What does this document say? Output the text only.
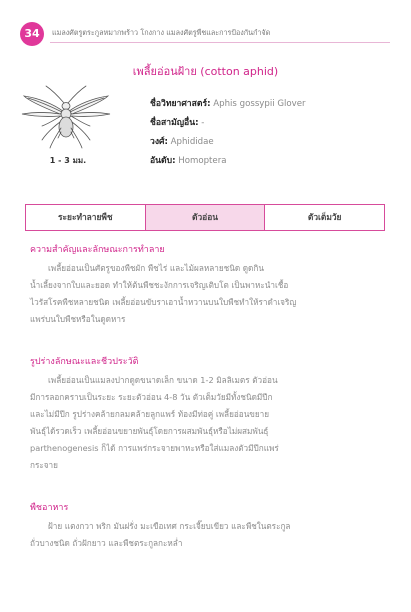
34	แมลงศัตรูตระกูลหมากพร้าว โกงกาง แมลงศัตรูพืชและการป้องกันกำจัด
เพลี้ยอ่อนฝ้าย (cotton aphid)
1 - 3 มม.
ชื่อวิทยาศาสตร์: Aphis gossypii Glover
ชื่อสามัญอื่น: -
วงศ์: Aphididae
อันดับ: Homoptera
ระยะทำลายพืช	ตัวอ่อน	ตัวเต็มวัย
ความสำคัญและลักษณะการทำลาย

เพลี้ยอ่อนเป็นศัตรูของพืชผัก พืชไร่ และไม้ผลหลายชนิด ดูดกิน

น้ำเลี้ยงจากใบและยอด ทำให้ต้นพืชชะงักการเจริญเติบโต เป็นพาหะนำเชื้อ

ไวรัสโรคพืชหลายชนิด เพลี้ยอ่อนขับราเอาน้ำหวานบนใบพืชทำให้ราดำเจริญ

แพร่บนใบพืชหรือในดูดหาร

รูปร่างลักษณะและชีวประวัติ

เพลี้ยอ่อนเป็นแมลงปากดูดขนาดเล็ก ขนาด 1-2 มิลลิเมตร ตัวอ่อน

มีการลอกคราบเป็นระยะ ระยะตัวอ่อน 4-8 วัน ตัวเต็มวัยมีทั้งชนิดมีปีก

และไม่มีปีก รูปร่างคล้ายกลมคล้ายลูกแพร์ ท้องมีท่อคู่ เพลี้ยอ่อนขยาย

พันธุ์ได้รวดเร็ว เพลี้ยอ่อนขยายพันธุ์โดยการผสมพันธุ์หรือไม่ผสมพันธุ์

parthenogenesis ก็ได้ การแพร่กระจายพาหะหรือใส่แมลงตัวมีปีกแพร่

กระจาย

พืชอาหาร

ฝ้าย แตงกวา พริก มันฝรั่ง มะเขือเทศ กระเจี๊ยบเขียว และพืชในตระกูล

ถั่วบางชนิด ถั่วฝักยาว และพืชตระกูลกะหล่ำ
